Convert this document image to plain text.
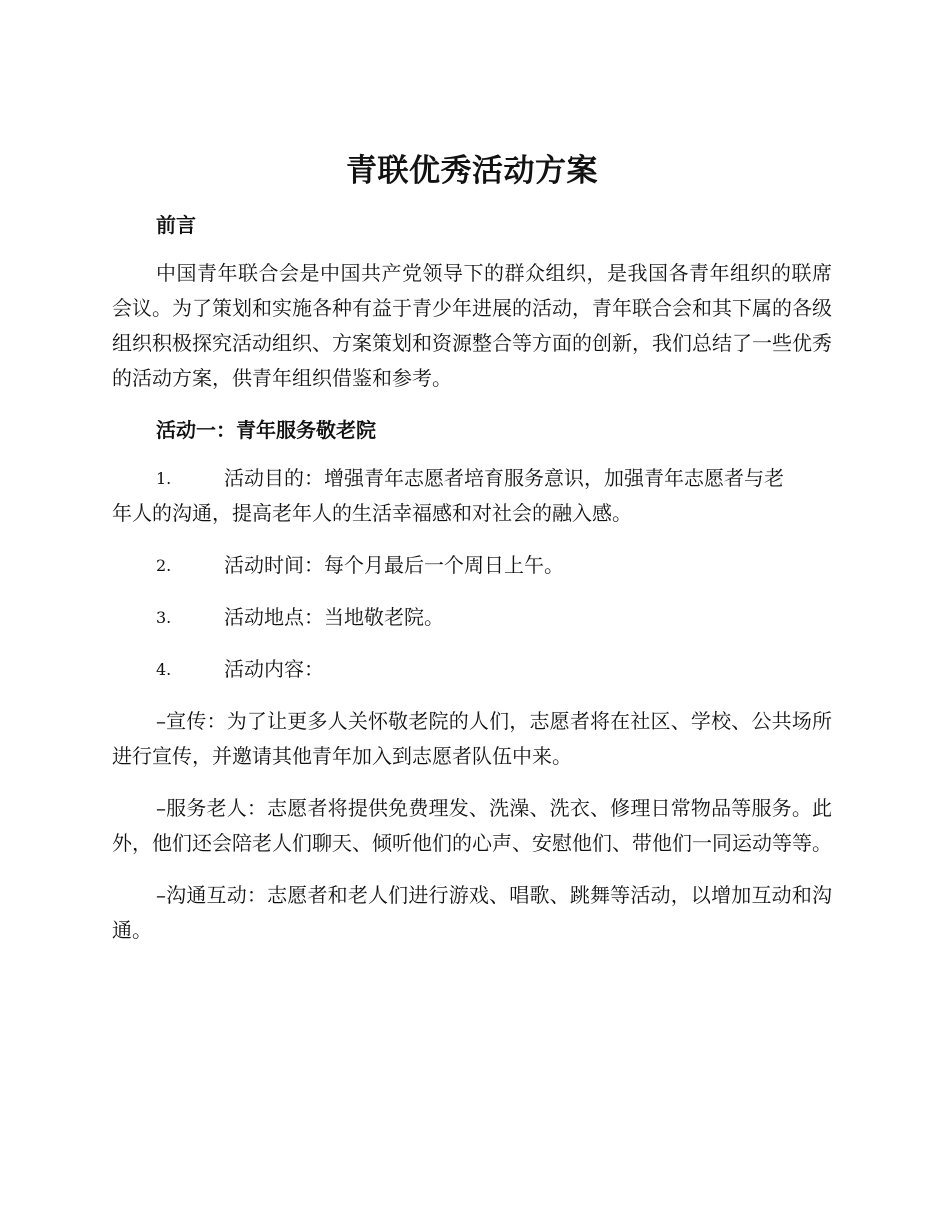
青联优秀活动方案
前言

中国青年联合会是中国共产党领导下的群众组织，是我国各青年组织的联席会议。为了策划和实施各种有益于青少年进展的活动，青年联合会和其下属的各级组织积极探究活动组织、方案策划和资源整合等方面的创新，我们总结了一些优秀的活动方案，供青年组织借鉴和参考。

活动一：青年服务敬老院
1.	活动目的：增强青年志愿者培育服务意识，加强青年志愿者与老
年人的沟通，提高老年人的生活幸福感和对社会的融入感。
2.	活动时间：每个月最后一个周日上午。
3.	活动地点：当地敬老院。
4.	活动内容：

–宣传：为了让更多人关怀敬老院的人们，志愿者将在社区、学校、公共场所进行宣传，并邀请其他青年加入到志愿者队伍中来。

–服务老人：志愿者将提供免费理发、洗澡、洗衣、修理日常物品等服务。此外，他们还会陪老人们聊天、倾听他们的心声、安慰他们、带他们一同运动等等。

–沟通互动：志愿者和老人们进行游戏、唱歌、跳舞等活动，以增加互动和沟通。
